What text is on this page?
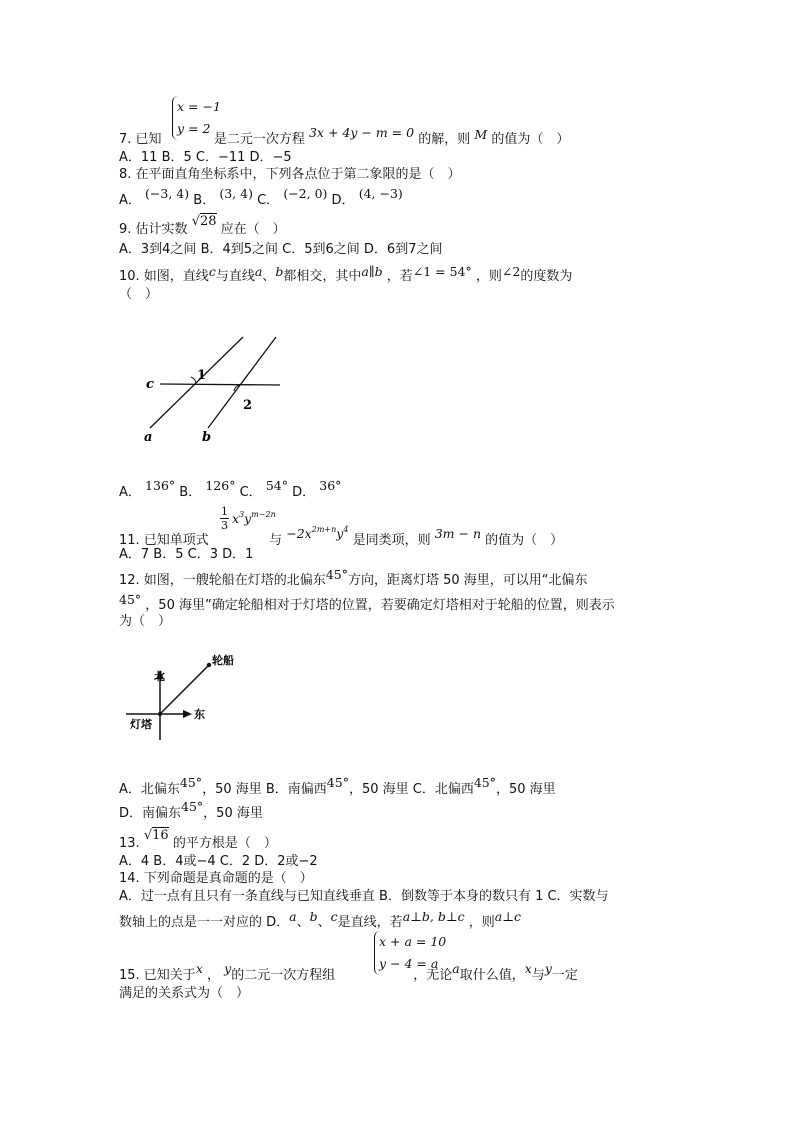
x = −1
y = 2
7. 已知	是二元一次方程 3x + 4y − m = 0 的解，则 M 的值为（　）
A．11 B．5 C．−11 D．−5
8. 在平面直角坐标系中，下列各点位于第二象限的是（　）
A． (−3, 4) B． (3, 4) C． (−2, 0) D． (4, −3)
9. 估计实数 √28 应在（　）
A．3到4之间 B．4到5之间 C．5到6之间 D．6到7之间
10. 如图，直线c与直线a、b都相交，其中a∥b ，若∠1 = 54° ，则∠2的度数为
（　）
c
1
2
a	b
A． 136° B． 126° C． 54° D． 36°
$\frac{1}{3} x^3y^{m-2n}$
11. 已知单项式	与 $-2x^{2m+n}y^4$ 是同类项，则 3m − n 的值为（　）
A．7 B．5 C．3 D．1
12. 如图，一艘轮船在灯塔的北偏东45°方向，距离灯塔 50 海里，可以用“北偏东
45° ，50 海里”确定轮船相对于灯塔的位置，若要确定灯塔相对于轮船的位置，则表示
为（　）
北
东
轮船
灯塔
A．北偏东45°，50 海里 B．南偏西45°，50 海里 C．北偏西45°，50 海里
D．南偏东45°，50 海里
13. √16 的平方根是（　）
A．4 B．4或−4 C．2 D．2或−2
14. 下列命题是真命题的是（　）
A．过一点有且只有一条直线与已知直线垂直 B．倒数等于本身的数只有 1 C．实数与
数轴上的点是一一对应的 D．a、b、c是直线，若a⊥b, b⊥c ，则a⊥c
x + a = 10
y − 4 = a
15. 已知关于x ， y的二元一次方程组	，无论a取什么值，x与y一定
满足的关系式为（　）
